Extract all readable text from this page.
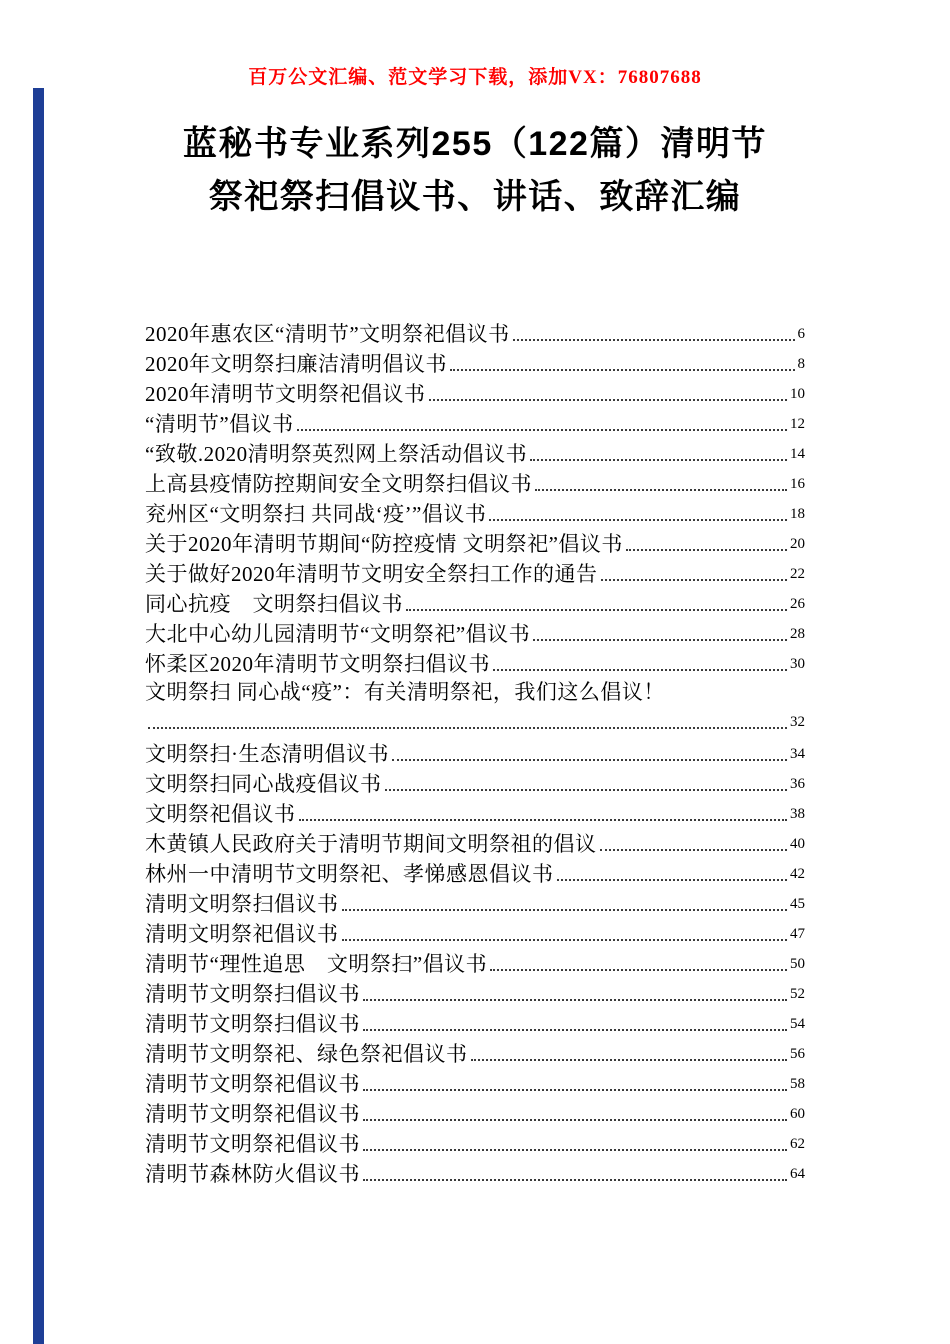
百万公文汇编、范文学习下载，添加VX：76807688
蓝秘书专业系列255（122篇）清明节
祭祀祭扫倡议书、讲话、致辞汇编
2020年惠农区“清明节”文明祭祀倡议书	6
2020年文明祭扫廉洁清明倡议书	8
2020年清明节文明祭祀倡议书	10
“清明节”倡议书	12
“致敬.2020清明祭英烈网上祭活动倡议书	14
上高县疫情防控期间安全文明祭扫倡议书	16
兖州区“文明祭扫 共同战‘疫’”倡议书	18
关于2020年清明节期间“防控疫情 文明祭祀”倡议书	20
关于做好2020年清明节文明安全祭扫工作的通告	22
同心抗疫　文明祭扫倡议书	26
大北中心幼儿园清明节“文明祭祀”倡议书	28
怀柔区2020年清明节文明祭扫倡议书	30
文明祭扫 同心战“疫”：有关清明祭祀，我们这么倡议！
32
文明祭扫·生态清明倡议书	34
文明祭扫同心战疫倡议书	36
文明祭祀倡议书	38
木黄镇人民政府关于清明节期间文明祭祖的倡议	40
林州一中清明节文明祭祀、孝悌感恩倡议书	42
清明文明祭扫倡议书	45
清明文明祭祀倡议书	47
清明节“理性追思　文明祭扫”倡议书	50
清明节文明祭扫倡议书	52
清明节文明祭扫倡议书	54
清明节文明祭祀、绿色祭祀倡议书	56
清明节文明祭祀倡议书	58
清明节文明祭祀倡议书	60
清明节文明祭祀倡议书	62
清明节森林防火倡议书	64
